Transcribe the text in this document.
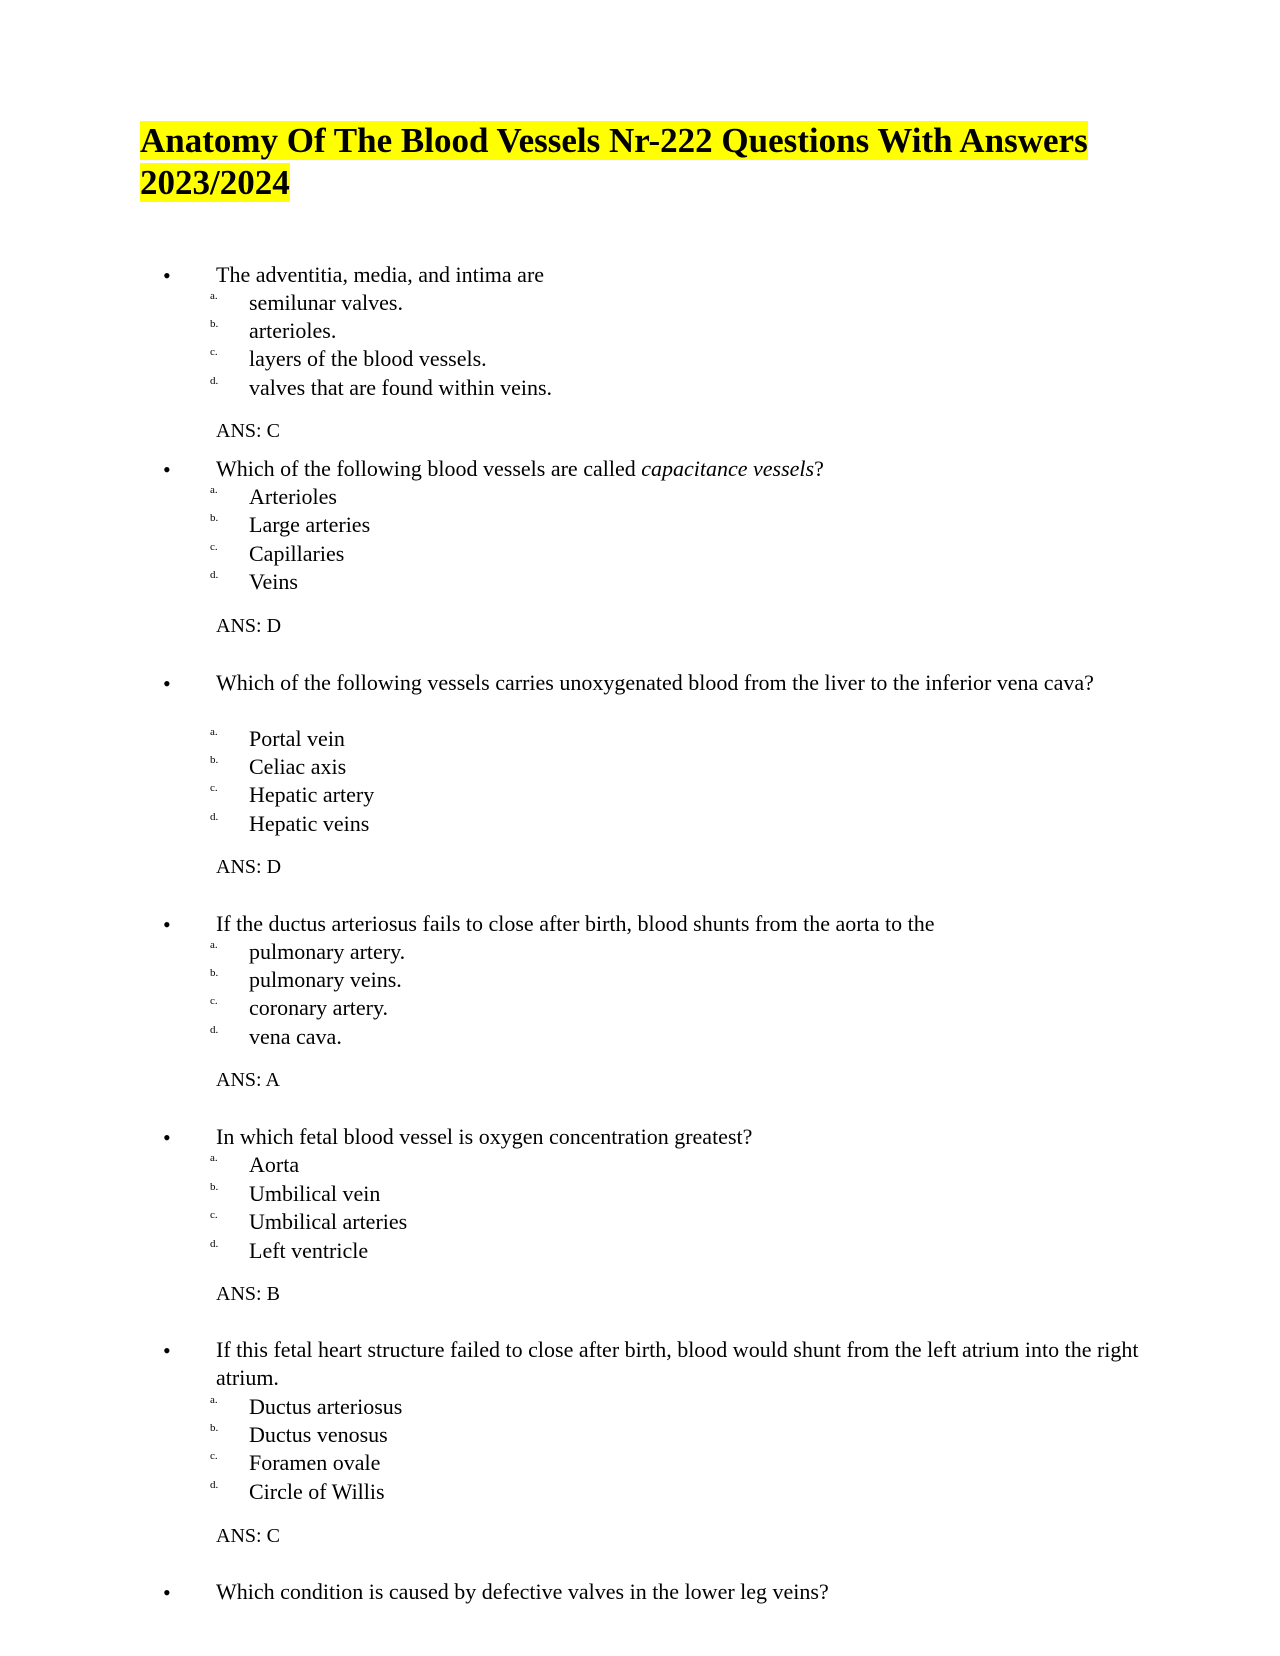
Anatomy Of The Blood Vessels Nr-222 Questions With Answers 2023/2024
• The adventitia, media, and intima are
a. semilunar valves.
b. arterioles.
c. layers of the blood vessels.
d. valves that are found within veins.
ANS: C
• Which of the following blood vessels are called capacitance vessels?
a. Arterioles
b. Large arteries
c. Capillaries
d. Veins
ANS: D
• Which of the following vessels carries unoxygenated blood from the liver to the inferior vena cava?
a. Portal vein
b. Celiac axis
c. Hepatic artery
d. Hepatic veins
ANS: D
• If the ductus arteriosus fails to close after birth, blood shunts from the aorta to the
a. pulmonary artery.
b. pulmonary veins.
c. coronary artery.
d. vena cava.
ANS: A
• In which fetal blood vessel is oxygen concentration greatest?
a. Aorta
b. Umbilical vein
c. Umbilical arteries
d. Left ventricle
ANS: B
• If this fetal heart structure failed to close after birth, blood would shunt from the left atrium into the right atrium.
a. Ductus arteriosus
b. Ductus venosus
c. Foramen ovale
d. Circle of Willis
ANS: C
• Which condition is caused by defective valves in the lower leg veins?
